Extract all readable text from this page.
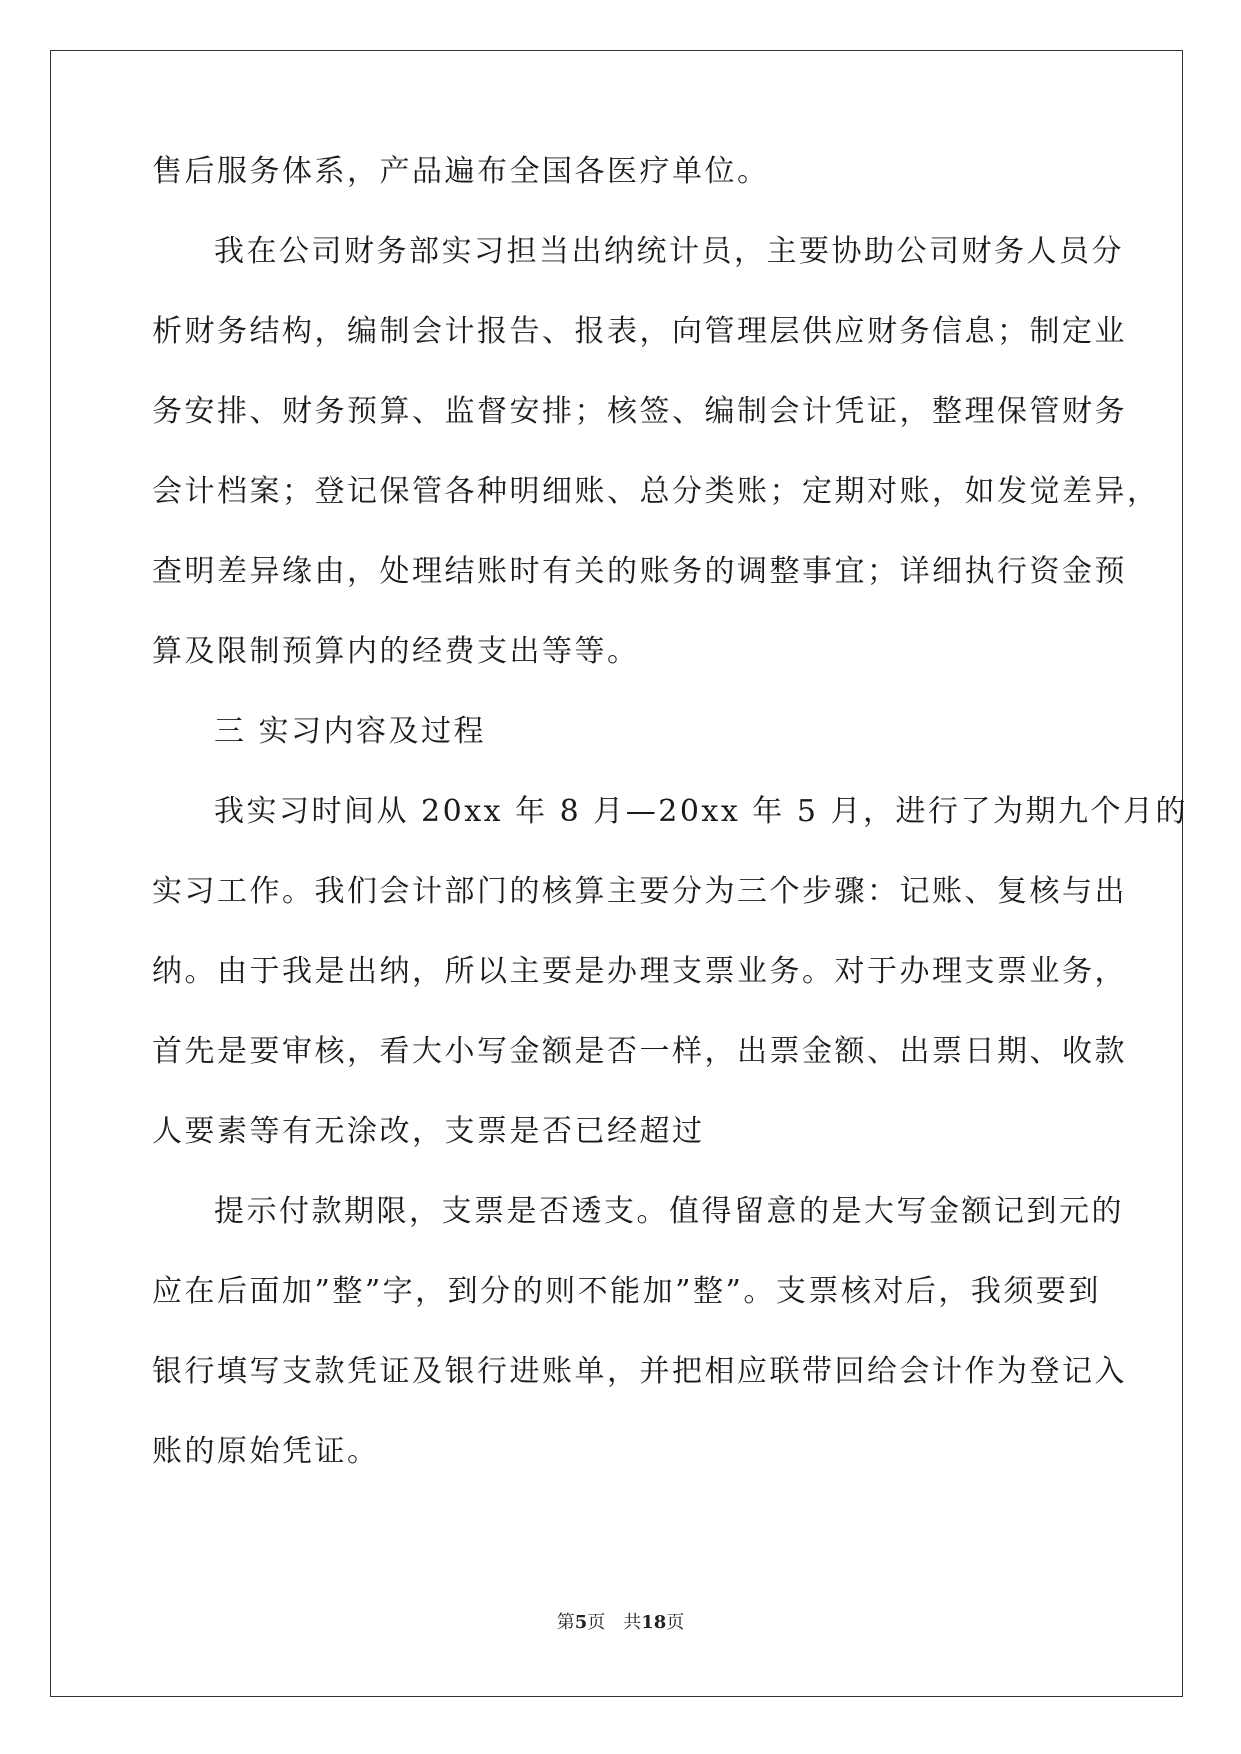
售后服务体系，产品遍布全国各医疗单位。
我在公司财务部实习担当出纳统计员，主要协助公司财务人员分
析财务结构，编制会计报告、报表，向管理层供应财务信息；制定业
务安排、财务预算、监督安排；核签、编制会计凭证，整理保管财务
会计档案；登记保管各种明细账、总分类账；定期对账，如发觉差异，
查明差异缘由，处理结账时有关的账务的调整事宜；详细执行资金预
算及限制预算内的经费支出等等。
三 实习内容及过程
我实习时间从 20xx 年 8 月—20xx 年 5 月，进行了为期九个月的
实习工作。我们会计部门的核算主要分为三个步骤：记账、复核与出
纳。由于我是出纳，所以主要是办理支票业务。对于办理支票业务，
首先是要审核，看大小写金额是否一样，出票金额、出票日期、收款
人要素等有无涂改，支票是否已经超过
提示付款期限，支票是否透支。值得留意的是大写金额记到元的
应在后面加”整”字，到分的则不能加”整”。支票核对后，我须要到
银行填写支款凭证及银行进账单，并把相应联带回给会计作为登记入
账的原始凭证。
第5页 共18页
